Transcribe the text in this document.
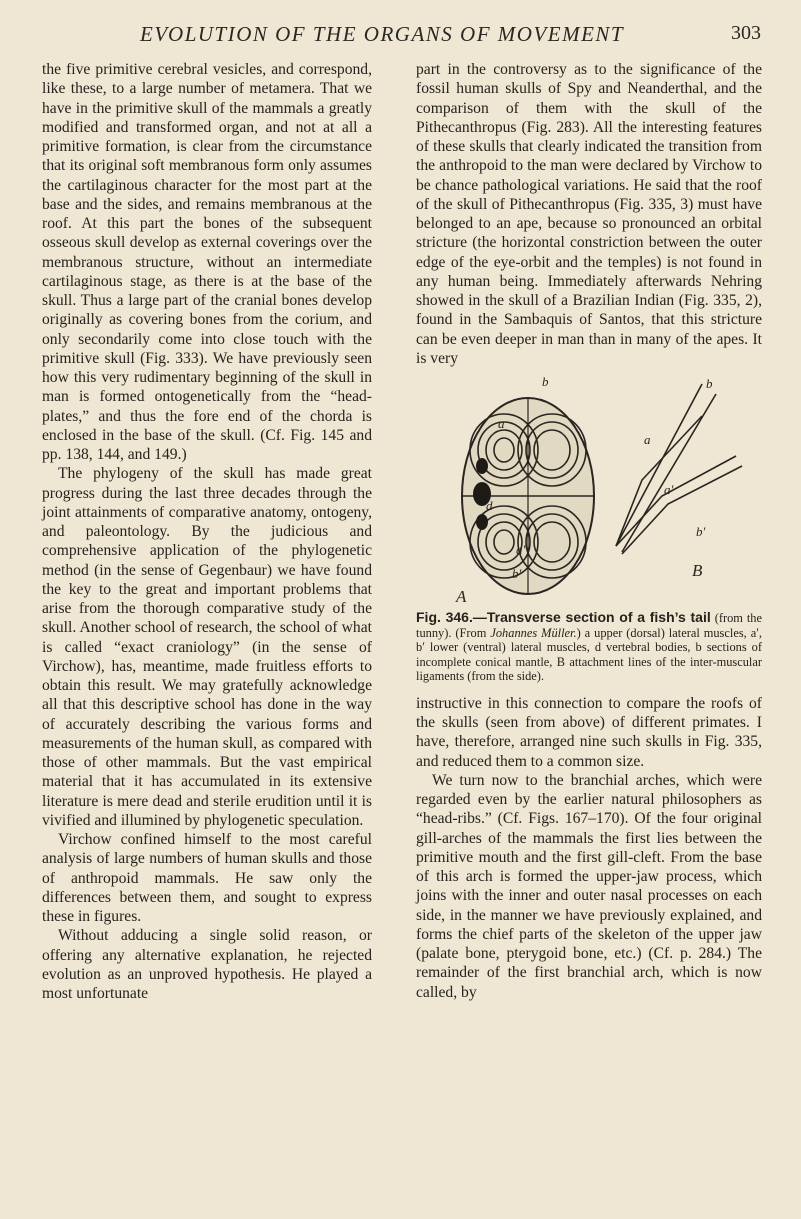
EVOLUTION OF THE ORGANS OF MOVEMENT	303

the five primitive cerebral vesicles, and correspond, like these, to a large number of metamera. That we have in the primitive skull of the mammals a greatly modified and transformed organ, and not at all a primitive formation, is clear from the circumstance that its original soft membranous form only assumes the cartilaginous character for the most part at the base and the sides, and remains membranous at the roof. At this part the bones of the subsequent osseous skull develop as external coverings over the membranous structure, without an intermediate cartilaginous stage, as there is at the base of the skull. Thus a large part of the cranial bones develop originally as covering bones from the corium, and only secondarily come into close touch with the primitive skull (Fig. 333). We have previously seen how this very rudimentary beginning of the skull in man is formed ontogenetically from the “head-plates,” and thus the fore end of the chorda is enclosed in the base of the skull. (Cf. Fig. 145 and pp. 138, 144, and 149.)

The phylogeny of the skull has made great progress during the last three decades through the joint attainments of comparative anatomy, ontogeny, and paleontology. By the judicious and comprehensive application of the phylogenetic method (in the sense of Gegenbaur) we have found the key to the great and important problems that arise from the thorough comparative study of the skull. Another school of research, the school of what is called “exact craniology” (in the sense of Virchow), has, meantime, made fruitless efforts to obtain this result. We may gratefully acknowledge all that this descriptive school has done in the way of accurately describing the various forms and measurements of the human skull, as compared with those of other mammals. But the vast empirical material that it has accumulated in its extensive literature is mere dead and sterile erudition until it is vivified and illumined by phylogenetic speculation.

Virchow confined himself to the most careful analysis of large numbers of human skulls and those of anthropoid mammals. He saw only the differences between them, and sought to express these in figures.

Without adducing a single solid reason, or offering any alternative explanation, he rejected evolution as an unproved hypothesis. He played a most unfortunate

part in the controversy as to the significance of the fossil human skulls of Spy and Neanderthal, and the comparison of them with the skull of the Pithecanthropus (Fig. 283). All the interesting features of these skulls that clearly indicated the transition from the anthropoid to the man were declared by Virchow to be chance pathological variations. He said that the roof of the skull of Pithecanthropus (Fig. 335, 3) must have belonged to an ape, because so pronounced an orbital stricture (the horizontal constriction between the outer edge of the eye-orbit and the temples) is not found in any human being. Immediately afterwards Nehring showed in the skull of a Brazilian Indian (Fig. 335, 2), found in the Sambaquis of Santos, that this stricture can be even deeper in man than in many of the apes. It is very

b
a
d
a′
b′
A
b
a
a′
b′
B
Fig. 346.—Transverse section of a fish’s tail (from the tunny). (From Johannes Müller.) a upper (dorsal) lateral muscles, a′, b′ lower (ventral) lateral muscles, d vertebral bodies, b sections of incomplete conical mantle, B attachment lines of the inter-muscular ligaments (from the side).

instructive in this connection to compare the roofs of the skulls (seen from above) of different primates. I have, therefore, arranged nine such skulls in Fig. 335, and reduced them to a common size.

We turn now to the branchial arches, which were regarded even by the earlier natural philosophers as “head-ribs.” (Cf. Figs. 167–170). Of the four original gill-arches of the mammals the first lies between the primitive mouth and the first gill-cleft. From the base of this arch is formed the upper-jaw process, which joins with the inner and outer nasal processes on each side, in the manner we have previously explained, and forms the chief parts of the skeleton of the upper jaw (palate bone, pterygoid bone, etc.) (Cf. p. 284.) The remainder of the first branchial arch, which is now called, by
